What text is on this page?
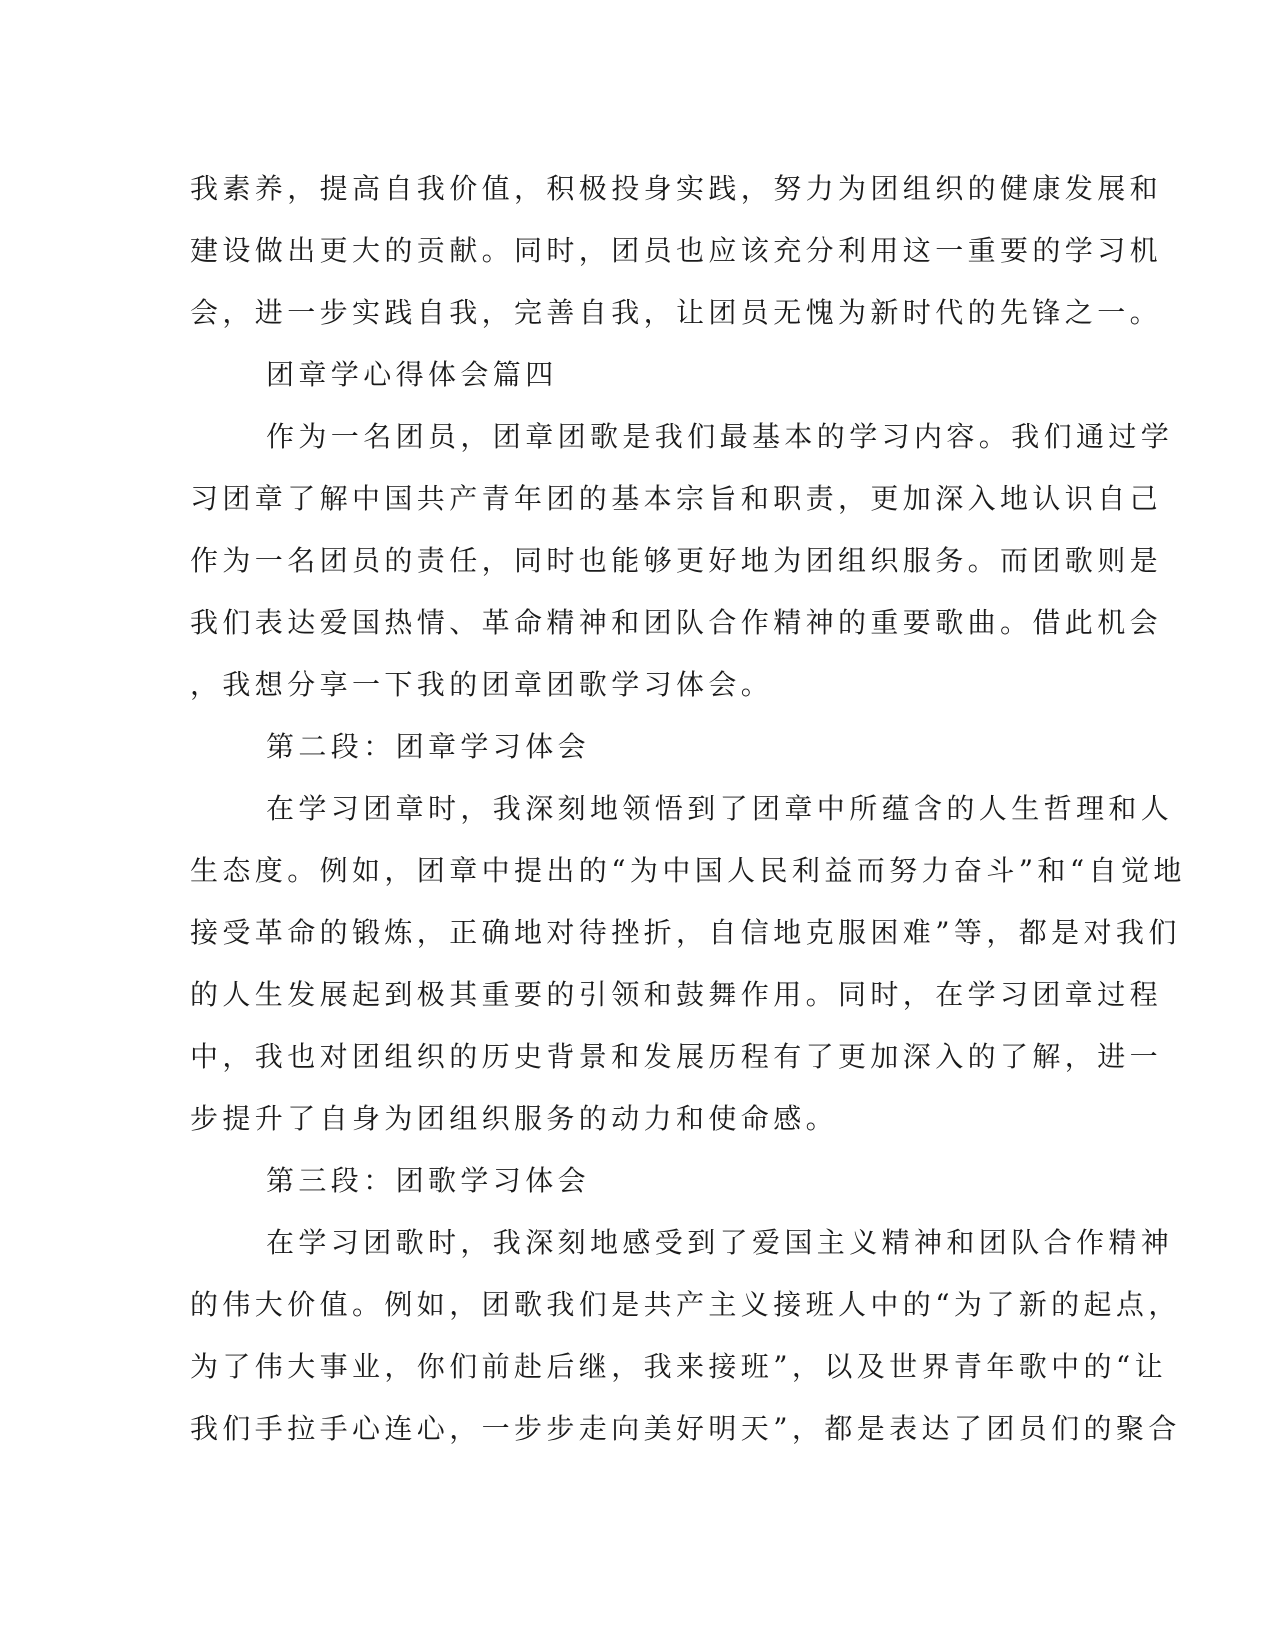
我素养，提高自我价值，积极投身实践，努力为团组织的健康发展和
建设做出更大的贡献。同时，团员也应该充分利用这一重要的学习机
会，进一步实践自我，完善自我，让团员无愧为新时代的先锋之一。
团章学心得体会篇四
作为一名团员，团章团歌是我们最基本的学习内容。我们通过学
习团章了解中国共产青年团的基本宗旨和职责，更加深入地认识自己
作为一名团员的责任，同时也能够更好地为团组织服务。而团歌则是
我们表达爱国热情、革命精神和团队合作精神的重要歌曲。借此机会
，我想分享一下我的团章团歌学习体会。
第二段：团章学习体会
在学习团章时，我深刻地领悟到了团章中所蕴含的人生哲理和人
生态度。例如，团章中提出的“为中国人民利益而努力奋斗”和“自觉地
接受革命的锻炼，正确地对待挫折，自信地克服困难”等，都是对我们
的人生发展起到极其重要的引领和鼓舞作用。同时，在学习团章过程
中，我也对团组织的历史背景和发展历程有了更加深入的了解，进一
步提升了自身为团组织服务的动力和使命感。
第三段：团歌学习体会
在学习团歌时，我深刻地感受到了爱国主义精神和团队合作精神
的伟大价值。例如，团歌我们是共产主义接班人中的“为了新的起点，
为了伟大事业，你们前赴后继，我来接班”，以及世界青年歌中的“让
我们手拉手心连心，一步步走向美好明天”，都是表达了团员们的聚合
